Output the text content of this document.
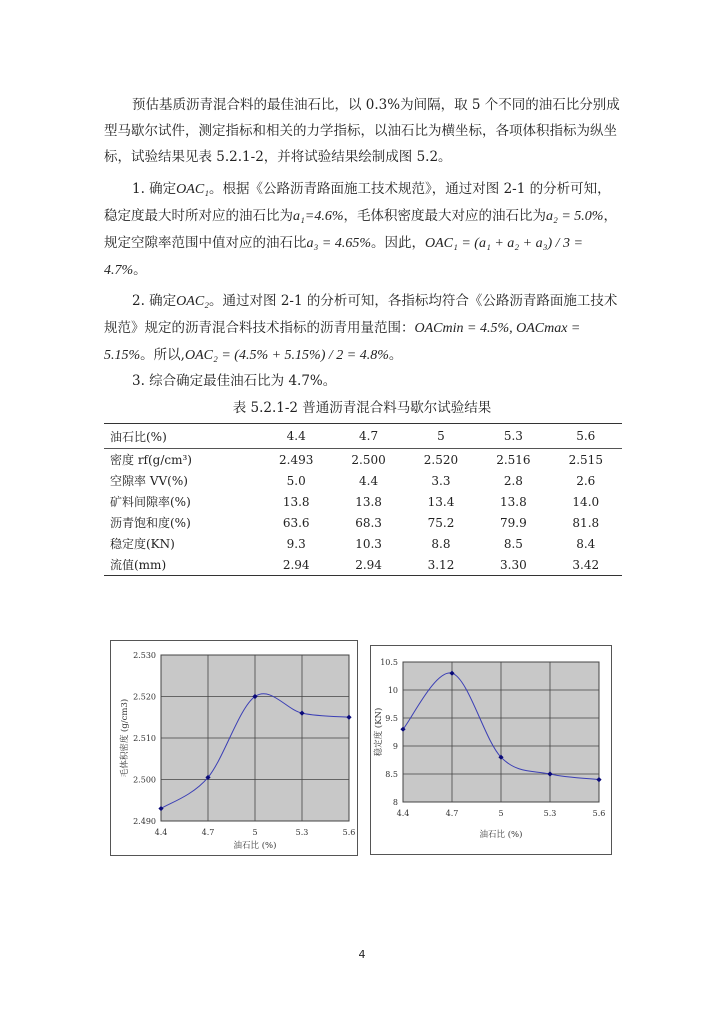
预估基质沥青混合料的最佳油石比，以 0.3%为间隔，取 5 个不同的油石比分别成型马歇尔试件，测定指标和相关的力学指标，以油石比为横坐标，各项体积指标为纵坐标，试验结果见表 5.2.1-2，并将试验结果绘制成图 5.2。

1. 确定OAC₁。根据《公路沥青路面施工技术规范》，通过对图 2-1 的分析可知，稳定度最大时所对应的油石比为a₁=4.6%，毛体积密度最大对应的油石比为a₂ = 5.0%，规定空隙率范围中值对应的油石比a₃ = 4.65%。因此，OAC₁ = (a₁ + a₂ + a₃) / 3 = 4.7%。

2. 确定OAC₂。通过对图 2-1 的分析可知，各指标均符合《公路沥青路面施工技术规范》规定的沥青混合料技术指标的沥青用量范围：OACmin = 4.5%, OACmax = 5.15%。所以,OAC₂ = (4.5% + 5.15%) / 2 = 4.8%。

3. 综合确定最佳油石比为 4.7%。

表 5.2.1-2 普通沥青混合料马歇尔试验结果
油石比(%)	4.4	4.7	5	5.3	5.6
密度 rf(g/cm³)	2.493	2.500	2.520	2.516	2.515
空隙率 VV(%)	5.0	4.4	3.3	2.8	2.6
矿料间隙率(%)	13.8	13.8	13.4	13.8	14.0
沥青饱和度(%)	63.6	68.3	75.2	79.9	81.8
稳定度(KN)	9.3	10.3	8.8	8.5	8.4
流值(mm)	2.94	2.94	3.12	3.30	3.42
4.4	4.7	5	5.3	5.6
2.490
2.500
2.510
2.520
2.530
油石比 (%)
毛体积密度 (g/cm3)
4.4	4.7	5	5.3	5.6
8
8.5
9
9.5
10
10.5
油石比 (%)
稳定度 (KN)
4
